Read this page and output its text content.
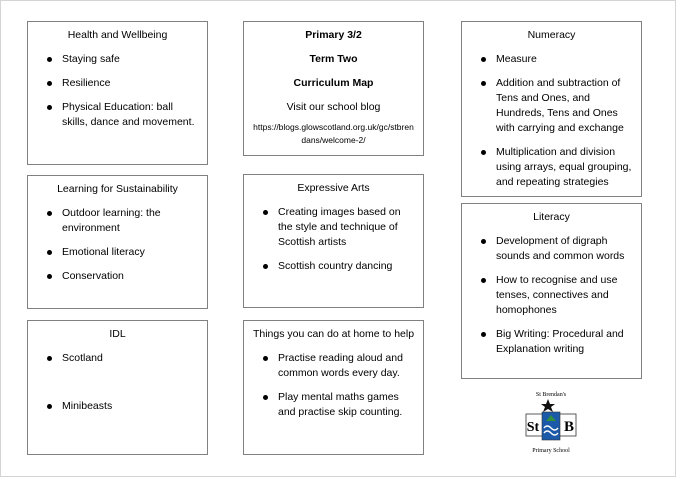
Health and Wellbeing
Staying safe
Resilience
Physical Education: ball skills, dance and movement.
Primary 3/2
Term Two
Curriculum Map
Visit our school blog
https://blogs.glowscotland.org.uk/gc/stbrendans/welcome-2/
Numeracy
Measure
Addition and subtraction of Tens and Ones, and Hundreds, Tens and Ones with carrying and exchange
Multiplication and division using arrays, equal grouping, and repeating strategies
Learning for Sustainability
Outdoor learning: the environment
Emotional literacy
Conservation
Expressive Arts
Creating images based on the style and technique of Scottish artists
Scottish country dancing
Literacy
Development of digraph sounds and common words
How to recognise and use tenses, connectives and homophones
Big Writing: Procedural and Explanation writing
IDL
Scotland
Minibeasts
Things you can do at home to help
Practise reading aloud and common words every day.
Play mental maths games and practise skip counting.
St Brendan's
St B
Primary School
